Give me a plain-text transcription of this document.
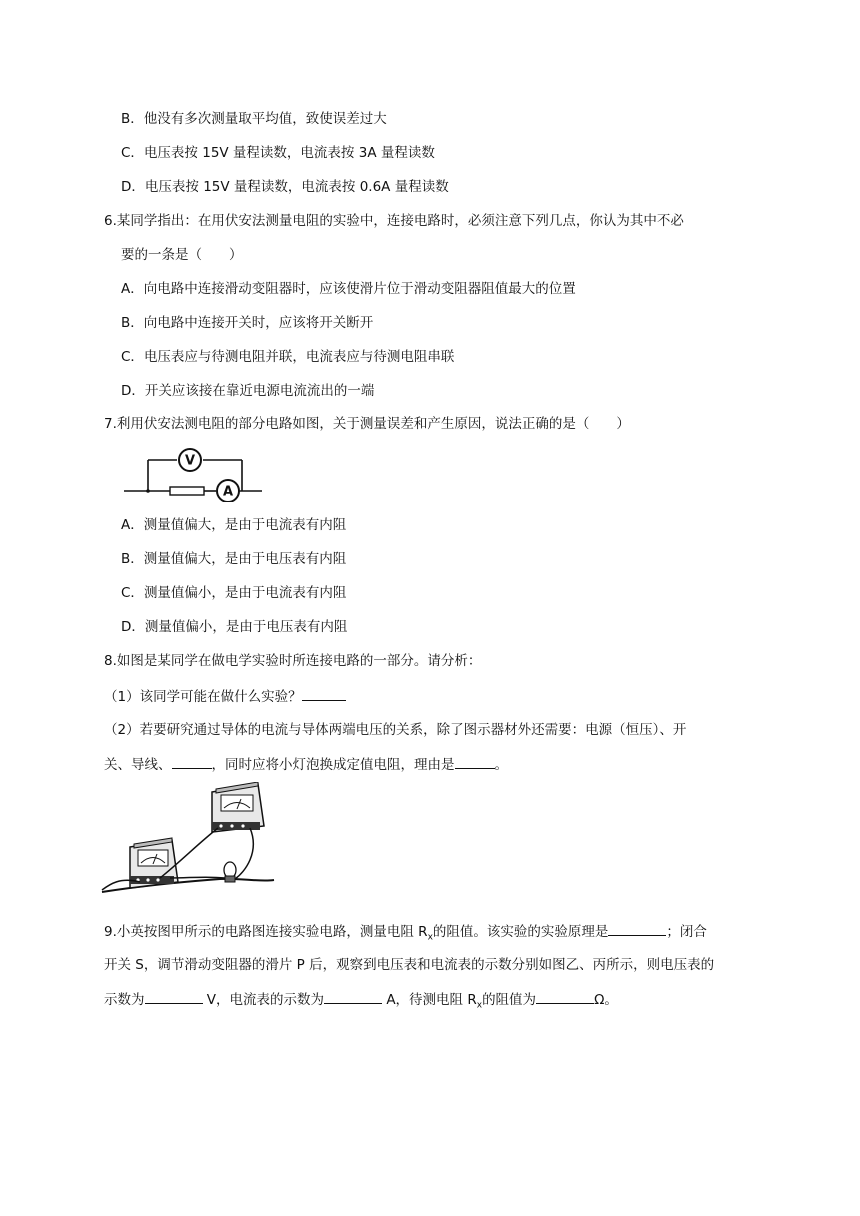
B．他没有多次测量取平均值，致使误差过大
C．电压表按 15V 量程读数，电流表按 3A 量程读数
D．电压表按 15V 量程读数，电流表按 0.6A 量程读数
6.某同学指出：在用伏安法测量电阻的实验中，连接电路时，必须注意下列几点，你认为其中不必
要的一条是（　　）
A．向电路中连接滑动变阻器时，应该使滑片位于滑动变阻器阻值最大的位置
B．向电路中连接开关时，应该将开关断开
C．电压表应与待测电阻并联，电流表应与待测电阻串联
D．开关应该接在靠近电源电流流出的一端
7.利用伏安法测电阻的部分电路如图，关于测量误差和产生原因，说法正确的是（　　）
V
A
A．测量值偏大，是由于电流表有内阻
B．测量值偏大，是由于电压表有内阻
C．测量值偏小，是由于电流表有内阻
D．测量值偏小，是由于电压表有内阻
8.如图是某同学在做电学实验时所连接电路的一部分。请分析：
（1）该同学可能在做什么实验？
（2）若要研究通过导体的电流与导体两端电压的关系，除了图示器材外还需要：电源（恒压）、开
关、导线、	，同时应将小灯泡换成定值电阻，理由是	。
9.小英按图甲所示的电路图连接实验电路，测量电阻 $R_x$的阻值。该实验的实验原理是	；闭合
开关 S，调节滑动变阻器的滑片 P 后，观察到电压表和电流表的示数分别如图乙、丙所示，则电压表的
示数为	V，电流表的示数为	A，待测电阻 $R_x$的阻值为	Ω。
